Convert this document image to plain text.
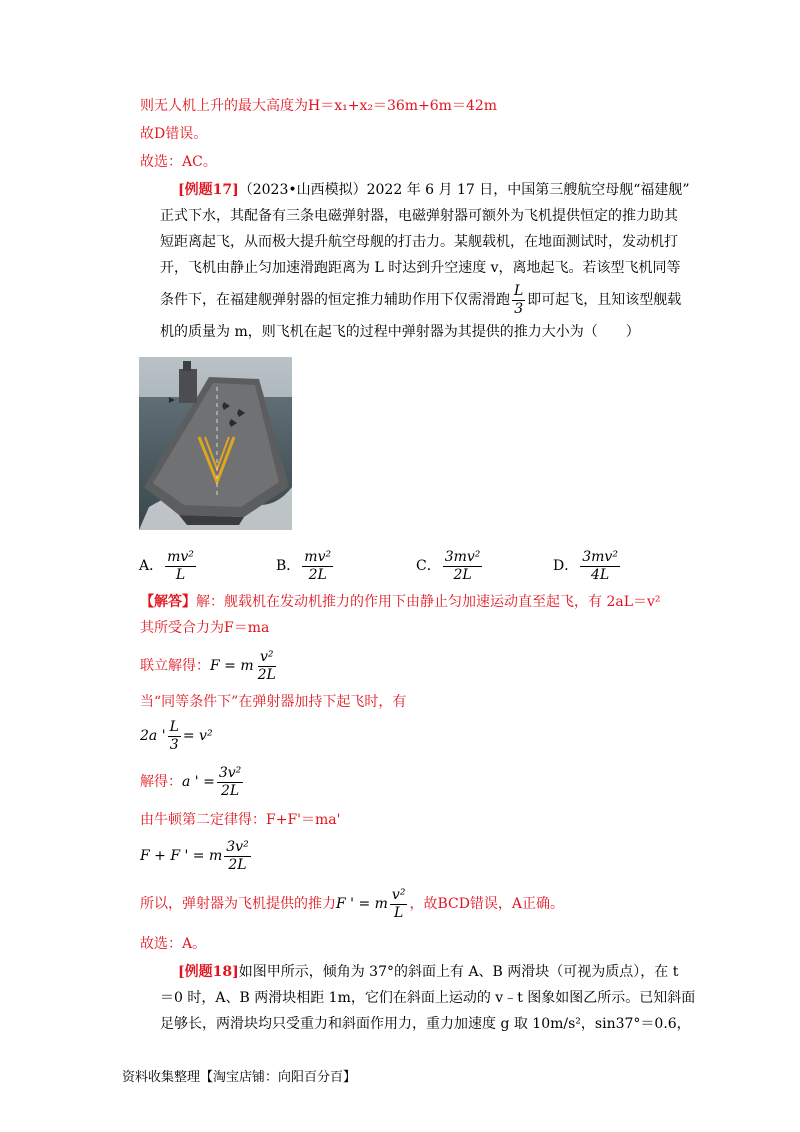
则无人机上升的最大高度为H＝x₁+x₂＝36m+6m＝42m
故D错误。
故选：AC。
[例题17]（2023•山西模拟）2022 年 6 月 17 日，中国第三艘航空母舰“福建舰”
正式下水，其配备有三条电磁弹射器，电磁弹射器可额外为飞机提供恒定的推力助其
短距离起飞，从而极大提升航空母舰的打击力。某舰载机，在地面测试时，发动机打
开，飞机由静止匀加速滑跑距离为 L 时达到升空速度 v，离地起飞。若该型飞机同等
条件下，在福建舰弹射器的恒定推力辅助作用下仅需滑跑 $\frac{L}{3}$ 即可起飞，且知该型舰载
机的质量为 m，则飞机在起飞的过程中弹射器为其提供的推力大小为（　　）
A． $\frac{\text{mv²}}{L}$	B． $\frac{\text{mv²}}{2L}$	C． $\frac{\text{3mv²}}{2L}$	D． $\frac{\text{3mv²}}{4L}$
【解答】解：舰载机在发动机推力的作用下由静止匀加速运动直至起飞，有 2aL＝v²
其所受合力为F＝ma
联立解得：F = m $\frac{\text{v²}}{2L}$
当“同等条件下”在弹射器加持下起飞时，有
2a ' $\frac{L}{3} = v^2$
解得：a ' = $\frac{\text{3v²}}{2L}$
由牛顿第二定律得：F+F'＝ma'
F + F ' = m $\frac{\text{3v²}}{2L}$
所以，弹射器为飞机提供的推力F ' = m $\frac{\text{v²}}{L}$ ，故BCD错误，A正确。
故选：A。
[例题18]如图甲所示，倾角为 37°的斜面上有 A、B 两滑块（可视为质点），在 t
＝0 时，A、B 两滑块相距 1m，它们在斜面上运动的 v﹣t 图象如图乙所示。已知斜面
足够长，两滑块均只受重力和斜面作用力，重力加速度 g 取 10m/s²，sin37°＝0.6，
资料收集整理【淘宝店铺：向阳百分百】
